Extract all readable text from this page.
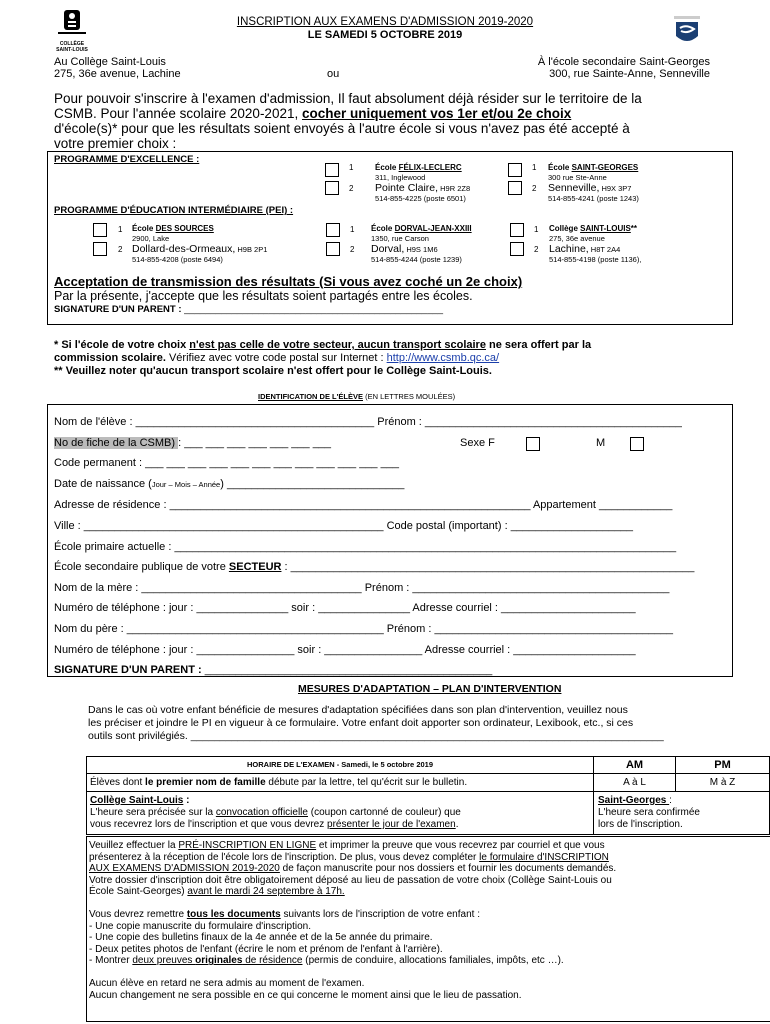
COLLÈGE SAINT-LOUIS
INSCRIPTION AUX EXAMENS D'ADMISSION 2019-2020
LE SAMEDI 5 OCTOBRE 2019
Au Collège Saint-Louis
275, 36e avenue, Lachine	ou
À l'école secondaire Saint-Georges
300, rue Sainte-Anne, Senneville
Pour pouvoir s'inscrire à l'examen d'admission, Il faut absolument déjà résider sur le territoire de la
CSMB. Pour l'année scolaire 2020-2021, cocher uniquement vos 1er et/ou 2e choix
d'école(s)* pour que les résultats soient envoyés à l'autre école si vous n'avez pas été accepté à
votre premier choix :
PROGRAMME D'EXCELLENCE :
1
2
École FÉLIX-LECLERC
311, Inglewood
Pointe Claire, H9R 2Z8
514-855-4225 (poste 6501)
1
2
École SAINT-GEORGES
300 rue Ste-Anne
Senneville, H9X 3P7
514-855-4241 (poste 1243)
PROGRAMME D'ÉDUCATION INTERMÉDIAIRE (PEI) :
1
2
École DES SOURCES
2900, Lake
Dollard-des-Ormeaux, H9B 2P1
514-855-4208 (poste 6494)
1
2
École DORVAL-JEAN-XXIII
1350, rue Carson
Dorval, H9S 1M6
514-855-4244 (poste 1239)
1
2
Collège SAINT-LOUIS**
275, 36e avenue
Lachine, H8T 2A4
514-855-4198 (poste 1136),
Acceptation de transmission des résultats (Si vous avez coché un 2e choix)
Par la présente, j'accepte que les résultats soient partagés entre les écoles.
SIGNATURE D'UN PARENT : _________________________________________________
* Si l'école de votre choix n'est pas celle de votre secteur, aucun transport scolaire ne sera offert par la
commission scolaire. Vérifiez avec votre code postal sur Internet : http://www.csmb.qc.ca/
** Veuillez noter qu'aucun transport scolaire n'est offert pour le Collège Saint-Louis.
IDENTIFICATION DE L'ÉLÈVE (EN LETTRES MOULÉES)
Nom de l'élève : _______________________________________ Prénom : __________________________________________
No de fiche de la CSMB) : ___ ___ ___ ___ ___ ___ ___	Sexe F	M
Code permanent : ___ ___ ___ ___ ___ ___ ___ ___ ___ ___ ___ ___
Date de naissance (Jour – Mois – Année) _____________________________
Adresse de résidence : ___________________________________________________________ Appartement ____________
Ville : _________________________________________________ Code postal (important) : ____________________
École primaire actuelle : __________________________________________________________________________________
École secondaire publique de votre SECTEUR : __________________________________________________________________
Nom de la mère : ____________________________________ Prénom : __________________________________________
Numéro de téléphone : jour : _______________ soir : _______________ Adresse courriel : ______________________
Nom du père : __________________________________________ Prénom : _______________________________________
Numéro de téléphone : jour : ________________ soir : ________________ Adresse courriel : ____________________
SIGNATURE D'UN PARENT : _______________________________________________
MESURES D'ADAPTATION – PLAN D'INTERVENTION
Dans le cas où votre enfant bénéficie de mesures d'adaptation spécifiées dans son plan d'intervention, veuillez nous
les préciser et joindre le PI en vigueur à ce formulaire. Votre enfant doit apporter son ordinateur, Lexibook, etc., si ces
outils sont privilégiés. _________________________________________________________________________________
HORAIRE DE L'EXAMEN - Samedi, le 5 octobre 2019	AM	PM
Élèves dont le premier nom de famille débute par la lettre, tel qu'écrit sur le bulletin.	A à L	M à Z
Collège Saint-Louis :
L'heure sera précisée sur la convocation officielle (coupon cartonné de couleur) que
vous recevrez lors de l'inscription et que vous devrez présenter le jour de l'examen.
Saint-Georges :
L'heure sera confirmée
lors de l'inscription.
Veuillez effectuer la PRÉ-INSCRIPTION EN LIGNE et imprimer la preuve que vous recevrez par courriel et que vous
présenterez à la réception de l'école lors de l'inscription. De plus, vous devez compléter le formulaire d'INSCRIPTION
AUX EXAMENS D'ADMISSION 2019-2020 de façon manuscrite pour nos dossiers et fournir les documents demandés.
Votre dossier d'inscription doit être obligatoirement déposé au lieu de passation de votre choix (Collège Saint-Louis ou
École Saint-Georges) avant le mardi 24 septembre à 17h.
Vous devrez remettre tous les documents suivants lors de l'inscription de votre enfant :
- Une copie manuscrite du formulaire d'inscription.
- Une copie des bulletins finaux de la 4e année et de la 5e année du primaire.
- Deux petites photos de l'enfant (écrire le nom et prénom de l'enfant à l'arrière).
- Montrer deux preuves originales de résidence (permis de conduire, allocations familiales, impôts, etc …).
Aucun élève en retard ne sera admis au moment de l'examen.
Aucun changement ne sera possible en ce qui concerne le moment ainsi que le lieu de passation.
